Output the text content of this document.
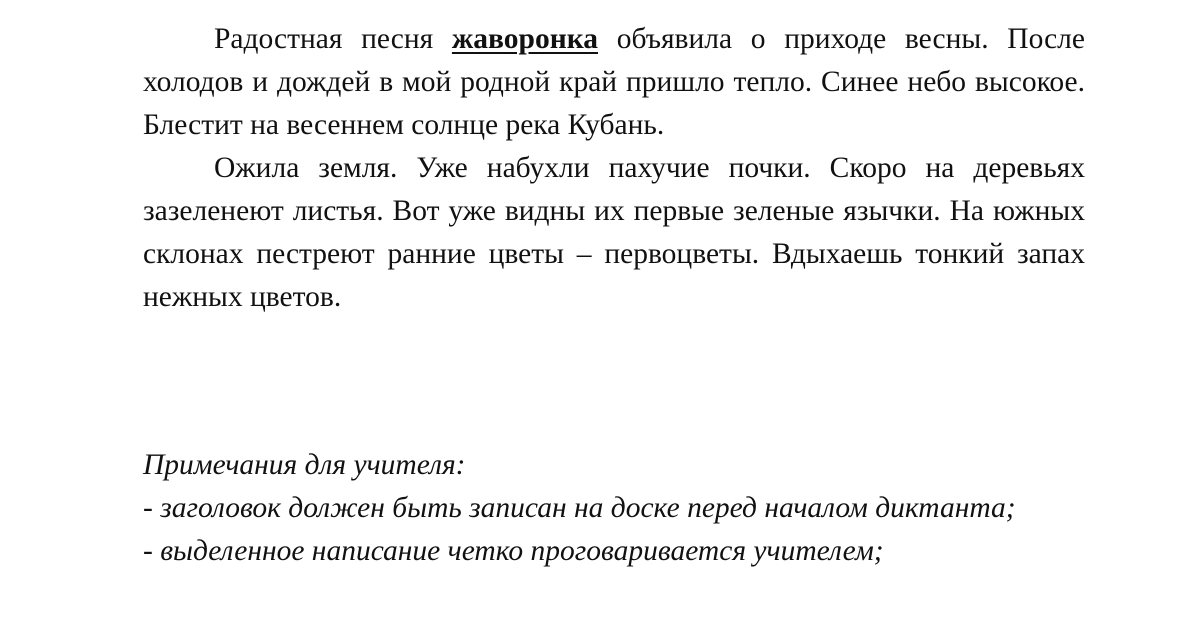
Радостная песня жаворонка объявила о приходе весны. После холодов и дождей в мой родной край пришло тепло. Синее небо высокое. Блестит на весеннем солнце река Кубань.

Ожила земля. Уже набухли пахучие почки. Скоро на деревьях зазеленеют листья. Вот уже видны их первые зеленые язычки. На южных склонах пестреют ранние цветы – первоцветы. Вдыхаешь тонкий запах нежных цветов.

Примечания для учителя:

- заголовок должен быть записан на доске перед началом диктанта;

- выделенное написание четко проговаривается учителем;
